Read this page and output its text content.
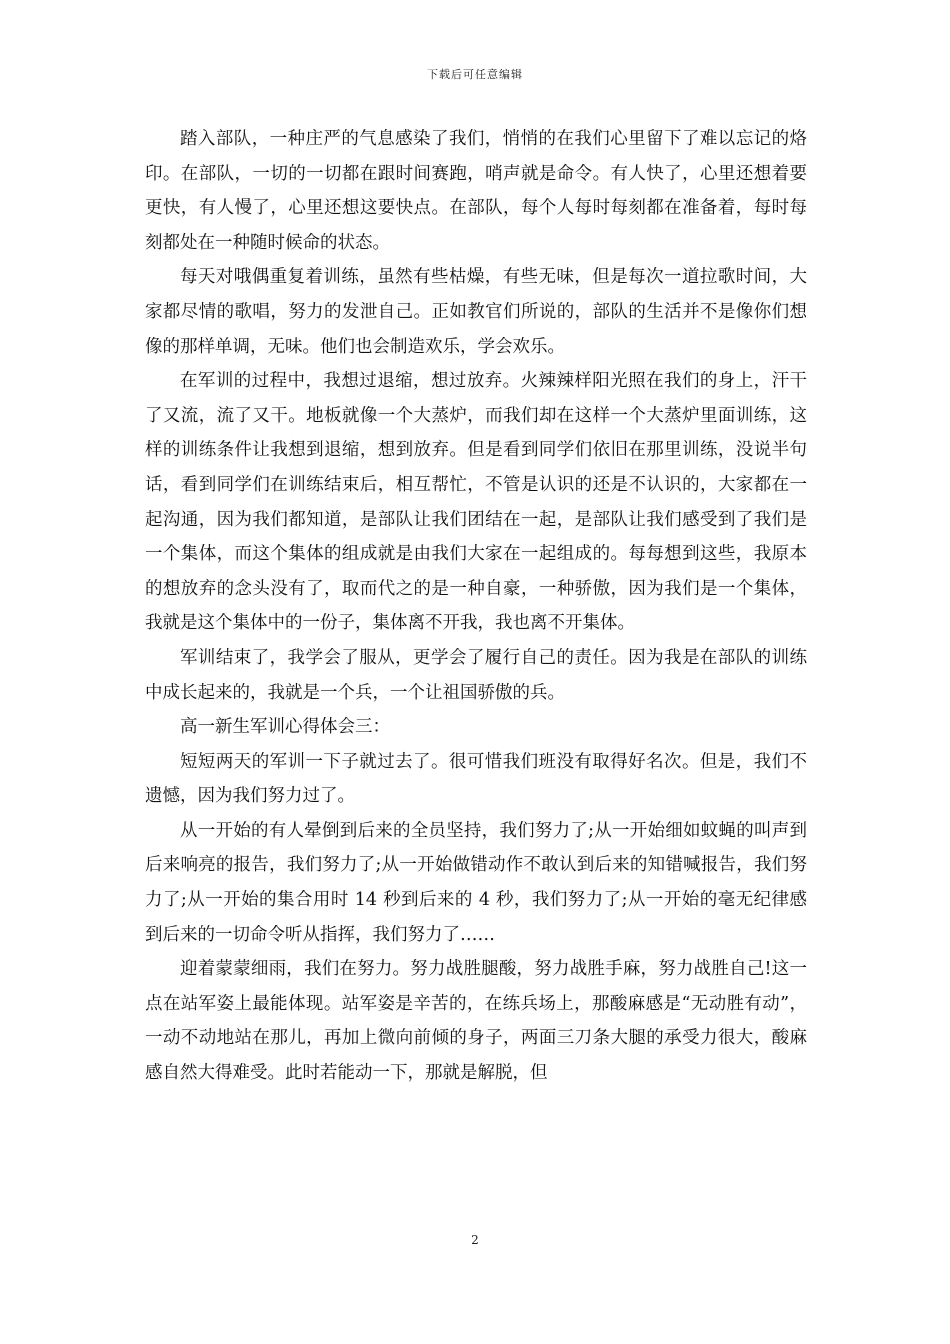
下载后可任意编辑

踏入部队，一种庄严的气息感染了我们，悄悄的在我们心里留下了难以忘记的烙印。在部队，一切的一切都在跟时间赛跑，哨声就是命令。有人快了，心里还想着要更快，有人慢了，心里还想这要快点。在部队，每个人每时每刻都在准备着，每时每刻都处在一种随时候命的状态。

每天对哦偶重复着训练，虽然有些枯燥，有些无味，但是每次一道拉歌时间，大家都尽情的歌唱，努力的发泄自己。正如教官们所说的，部队的生活并不是像你们想像的那样单调，无味。他们也会制造欢乐，学会欢乐。

在军训的过程中，我想过退缩，想过放弃。火辣辣样阳光照在我们的身上，汗干了又流，流了又干。地板就像一个大蒸炉，而我们却在这样一个大蒸炉里面训练，这样的训练条件让我想到退缩，想到放弃。但是看到同学们依旧在那里训练，没说半句话，看到同学们在训练结束后，相互帮忙，不管是认识的还是不认识的，大家都在一起沟通，因为我们都知道，是部队让我们团结在一起，是部队让我们感受到了我们是一个集体，而这个集体的组成就是由我们大家在一起组成的。每每想到这些，我原本的想放弃的念头没有了，取而代之的是一种自豪，一种骄傲，因为我们是一个集体，我就是这个集体中的一份子，集体离不开我，我也离不开集体。

军训结束了，我学会了服从，更学会了履行自己的责任。因为我是在部队的训练中成长起来的，我就是一个兵，一个让祖国骄傲的兵。

高一新生军训心得体会三：

短短两天的军训一下子就过去了。很可惜我们班没有取得好名次。但是，我们不遗憾，因为我们努力过了。

从一开始的有人晕倒到后来的全员坚持，我们努力了;从一开始细如蚊蝇的叫声到后来响亮的报告，我们努力了;从一开始做错动作不敢认到后来的知错喊报告，我们努力了;从一开始的集合用时 14 秒到后来的 4 秒，我们努力了;从一开始的毫无纪律感到后来的一切命令听从指挥，我们努力了……

迎着蒙蒙细雨，我们在努力。努力战胜腿酸，努力战胜手麻，努力战胜自己!这一点在站军姿上最能体现。站军姿是辛苦的，在练兵场上，那酸麻感是“无动胜有动”，一动不动地站在那儿，再加上微向前倾的身子，两面三刀条大腿的承受力很大，酸麻感自然大得难受。此时若能动一下，那就是解脱，但

2
